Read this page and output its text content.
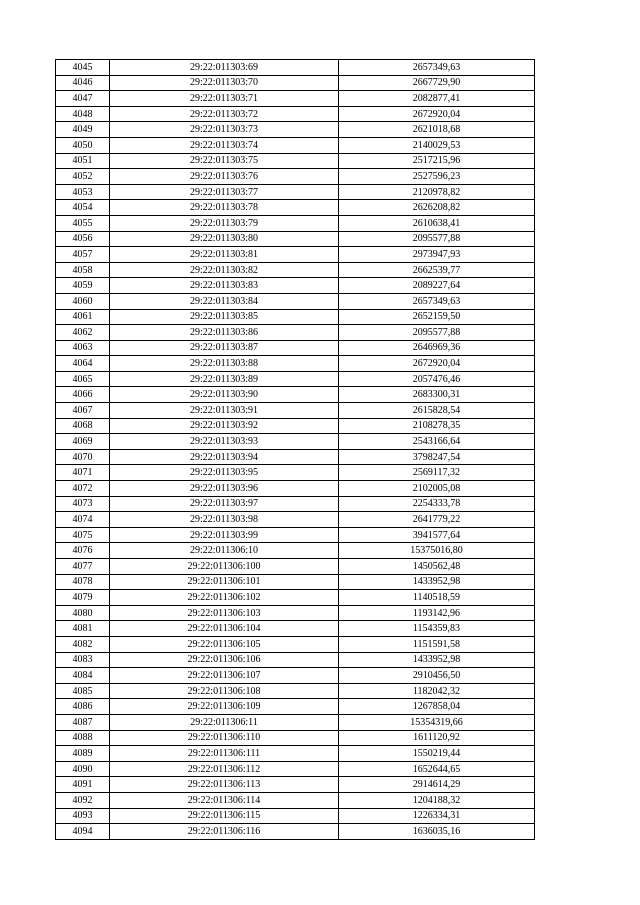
4045	29:22:011303:69	2657349,63
4046	29:22:011303:70	2667729,90
4047	29:22:011303:71	2082877,41
4048	29:22:011303:72	2672920,04
4049	29:22:011303:73	2621018,68
4050	29:22:011303:74	2140029,53
4051	29:22:011303:75	2517215,96
4052	29:22:011303:76	2527596,23
4053	29:22:011303:77	2120978,82
4054	29:22:011303:78	2626208,82
4055	29:22:011303:79	2610638,41
4056	29:22:011303:80	2095577,88
4057	29:22:011303:81	2973947,93
4058	29:22:011303:82	2662539,77
4059	29:22:011303:83	2089227,64
4060	29:22:011303:84	2657349,63
4061	29:22:011303:85	2652159,50
4062	29:22:011303:86	2095577,88
4063	29:22:011303:87	2646969,36
4064	29:22:011303:88	2672920,04
4065	29:22:011303:89	2057476,46
4066	29:22:011303:90	2683300,31
4067	29:22:011303:91	2615828,54
4068	29:22:011303:92	2108278,35
4069	29:22:011303:93	2543166,64
4070	29:22:011303:94	3798247,54
4071	29:22:011303:95	2569117,32
4072	29:22:011303:96	2102005,08
4073	29:22:011303:97	2254333,78
4074	29:22:011303:98	2641779,22
4075	29:22:011303:99	3941577,64
4076	29:22:011306:10	15375016,80
4077	29:22:011306:100	1450562,48
4078	29:22:011306:101	1433952,98
4079	29:22:011306:102	1140518,59
4080	29:22:011306:103	1193142,96
4081	29:22:011306:104	1154359,83
4082	29:22:011306:105	1151591,58
4083	29:22:011306:106	1433952,98
4084	29:22:011306:107	2910456,50
4085	29:22:011306:108	1182042,32
4086	29:22:011306:109	1267858,04
4087	29:22:011306:11	15354319,66
4088	29:22:011306:110	1611120,92
4089	29:22:011306:111	1550219,44
4090	29:22:011306:112	1652644,65
4091	29:22:011306:113	2914614,29
4092	29:22:011306:114	1204188,32
4093	29:22:011306:115	1226334,31
4094	29:22:011306:116	1636035,16
